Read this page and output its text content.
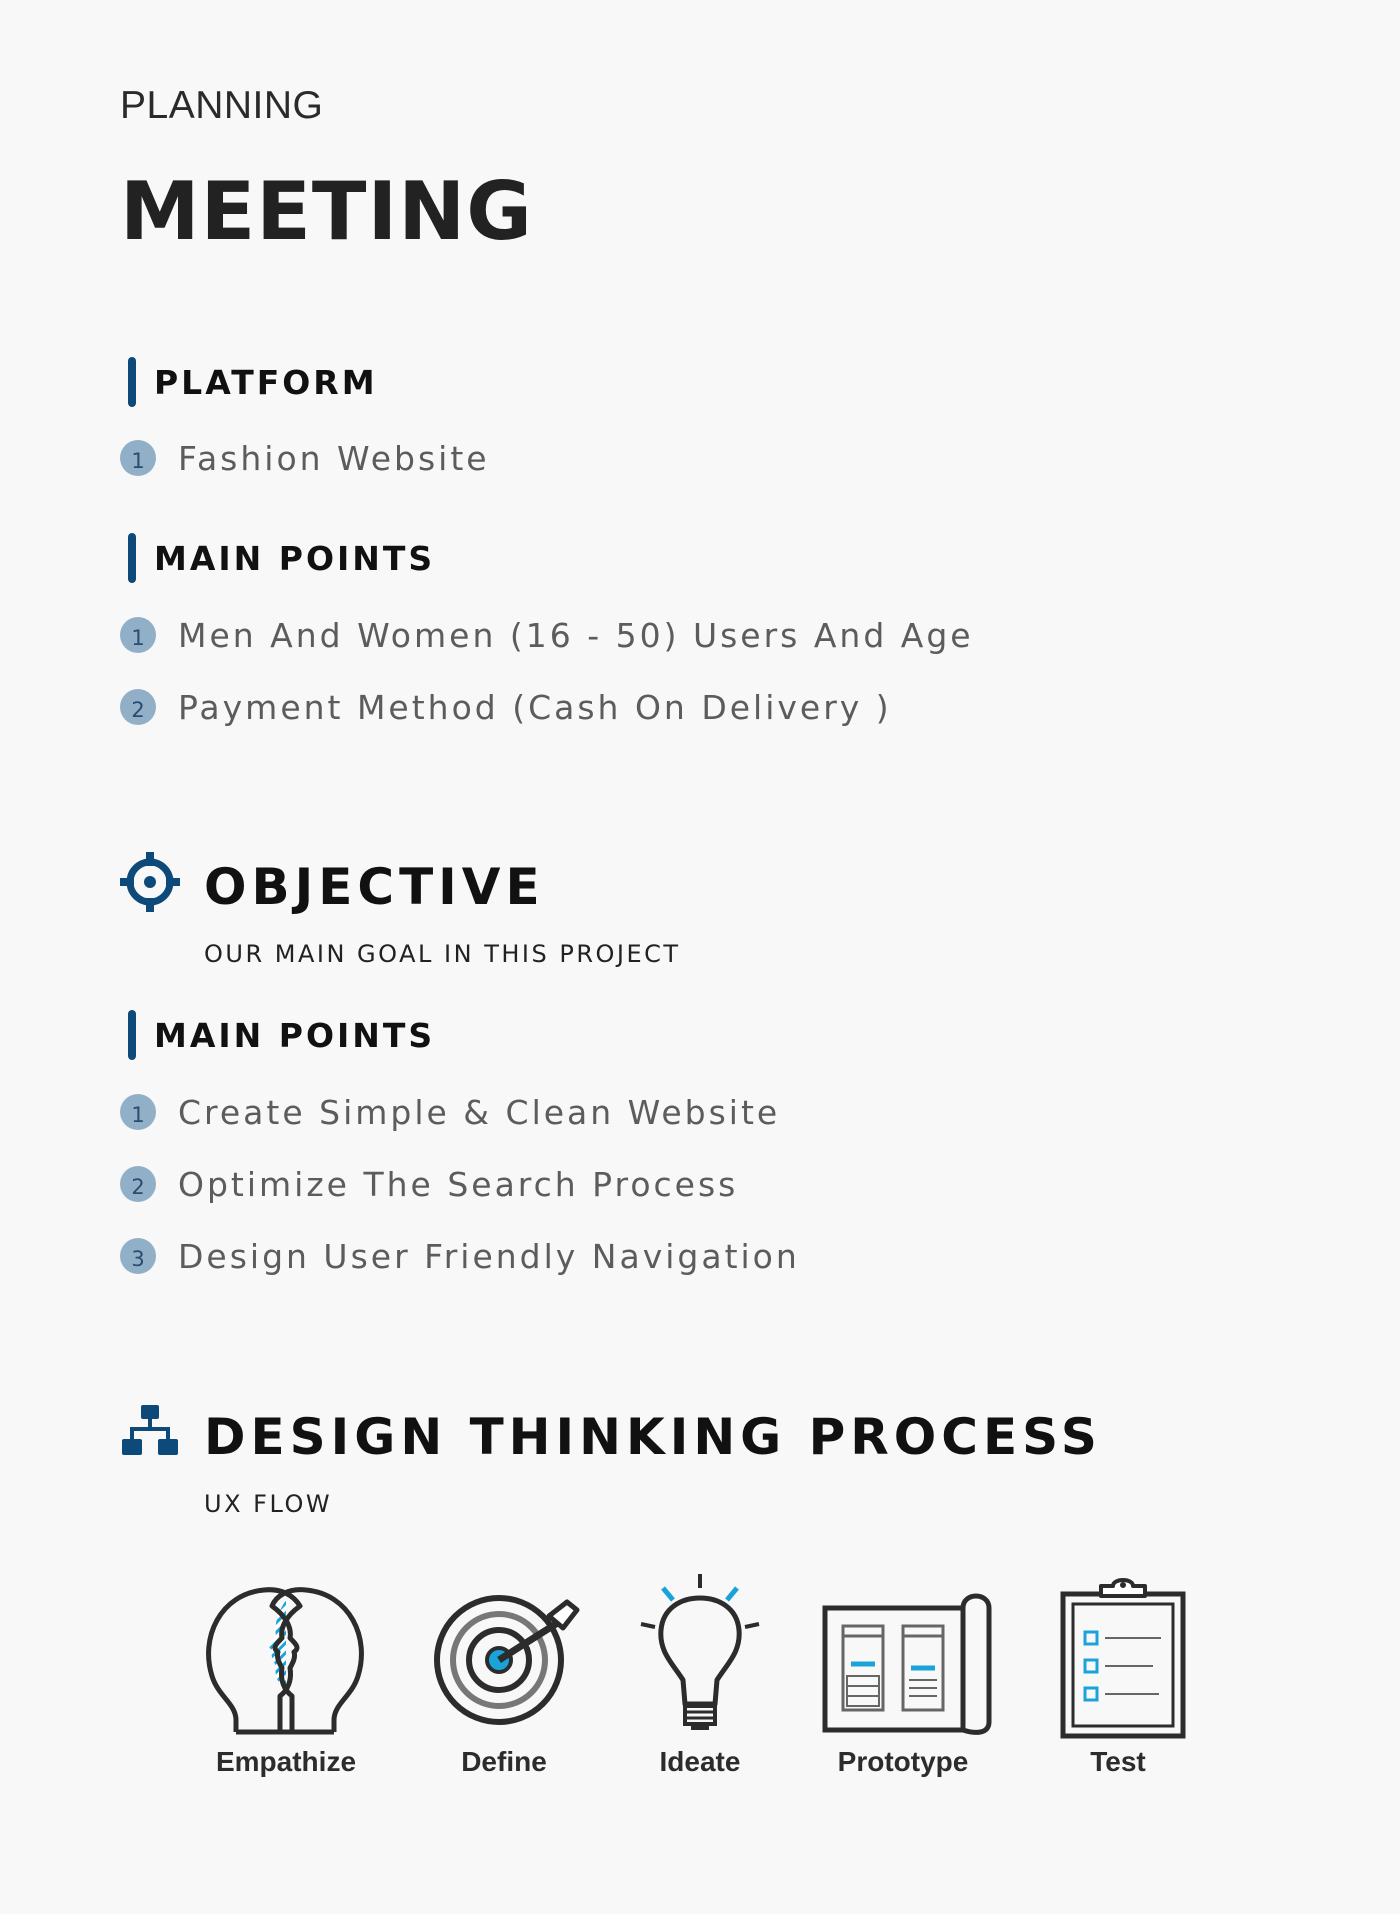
PLANNING
MEETING
PLATFORM
1	Fashion Website
MAIN POINTS
1	Men And Women (16 - 50) Users And Age
2	Payment Method (Cash On Delivery )
OBJECTIVE
OUR MAIN GOAL IN THIS PROJECT
MAIN POINTS
1	Create Simple & Clean Website
2	Optimize The Search Process
3	Design User Friendly Navigation
DESIGN THINKING PROCESS
UX FLOW
Empathize	Define	Ideate	Prototype	Test
